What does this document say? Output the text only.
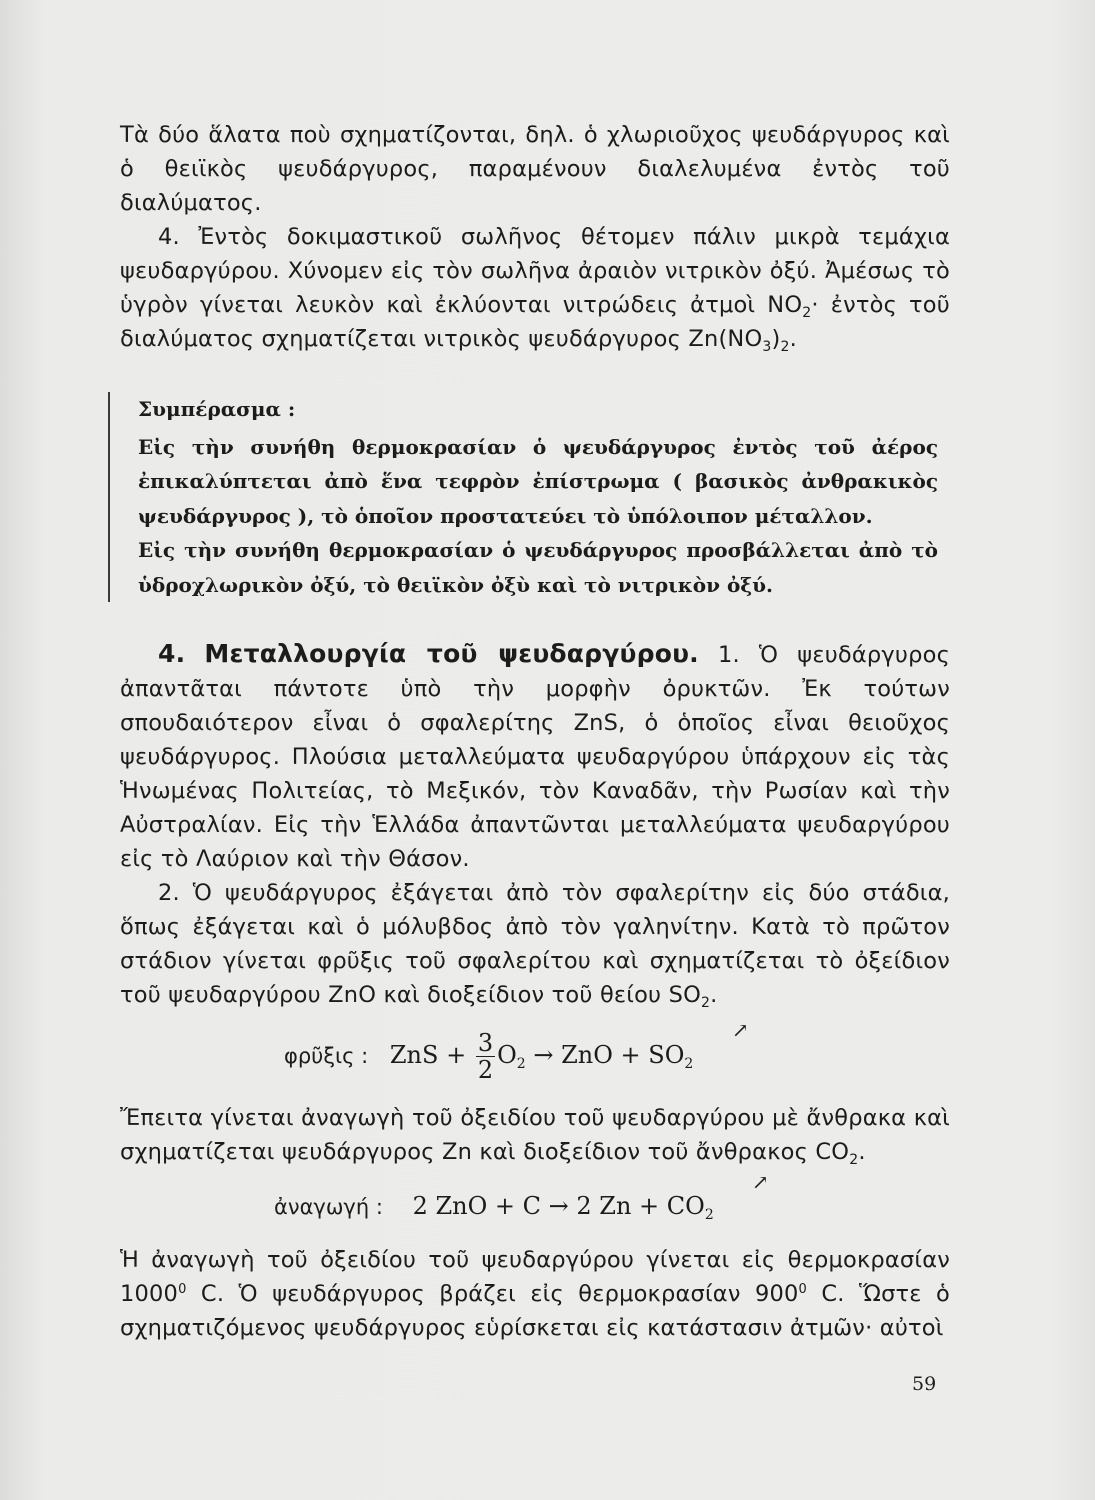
Τὰ δύο ἅλατα ποὺ σχηματίζονται, δηλ. ὁ χλωριοῦχος ψευδάργυρος καὶ ὁ θειϊκὸς ψευδάργυρος, παραμένουν διαλελυμένα ἐντὸς τοῦ διαλύματος.

4. Ἐντὸς δοκιμαστικοῦ σωλῆνος θέτομεν πάλιν μικρὰ τεμάχια ψευδαργύρου. Χύνομεν εἰς τὸν σωλῆνα ἀραιὸν νιτρικὸν ὀξύ. Ἀμέσως τὸ ὑγρὸν γίνεται λευκὸν καὶ ἐκλύονται νιτρώδεις ἀτμοὶ $NO_2\cdot$ ἐντὸς τοῦ διαλύματος σχηματίζεται νιτρικὸς ψευδάργυρος $Zn(NO_3)_2$.

Συμπέρασμα :

Εἰς τὴν συνήθη θερμοκρασίαν ὁ ψευδάργυρος ἐντὸς τοῦ ἀέρος ἐπικαλύπτεται ἀπὸ ἕνα τεφρὸν ἐπίστρωμα ( βασικὸς ἀνθρακικὸς ψευδάργυρος ), τὸ ὁποῖον προστατεύει τὸ ὑπόλοιπον μέταλλον.

Εἰς τὴν συνήθη θερμοκρασίαν ὁ ψευδάργυρος προσβάλλεται ἀπὸ τὸ ὑδροχλωρικὸν ὀξύ, τὸ θειϊκὸν ὀξὺ καὶ τὸ νιτρικὸν ὀξύ.

4. Μεταλλουργία τοῦ ψευδαργύρου. 1. Ὁ ψευδάργυρος ἀπαντᾶται πάντοτε ὑπὸ τὴν μορφὴν ὀρυκτῶν. Ἐκ τούτων σπουδαιότερον εἶναι ὁ σφαλερίτης ZnS, ὁ ὁποῖος εἶναι θειοῦχος ψευδάργυρος. Πλούσια μεταλλεύματα ψευδαργύρου ὑπάρχουν εἰς τὰς Ἡνωμένας Πολιτείας, τὸ Μεξικόν, τὸν Καναδᾶν, τὴν Ρωσίαν καὶ τὴν Αὐστραλίαν. Εἰς τὴν Ἑλλάδα ἀπαντῶνται μεταλλεύματα ψευδαργύρου εἰς τὸ Λαύριον καὶ τὴν Θάσον.

2. Ὁ ψευδάργυρος ἐξάγεται ἀπὸ τὸν σφαλερίτην εἰς δύο στάδια, ὅπως ἐξάγεται καὶ ὁ μόλυβδος ἀπὸ τὸν γαληνίτην. Κατὰ τὸ πρῶτον στάδιον γίνεται φρῦξις τοῦ σφαλερίτου καὶ σχηματίζεται τὸ ὀξείδιον τοῦ ψευδαργύρου ZnO καὶ διοξείδιον τοῦ θείου $SO_2$.

φρῦξις : ZnS + $\frac{3}{2} O_2$ → ZnO + $SO_2$
↗

Ἔπειτα γίνεται ἀναγωγὴ τοῦ ὀξειδίου τοῦ ψευδαργύρου μὲ ἄνθρακα καὶ σχηματίζεται ψευδάργυρος Zn καὶ διοξείδιον τοῦ ἄνθρακος $CO_2$.

ἀναγωγή : 2 ZnO + C → 2 $Zn + CO_2$
↗

Ἡ ἀναγωγὴ τοῦ ὀξειδίου τοῦ ψευδαργύρου γίνεται εἰς θερμοκρασίαν 1000$^0$ C. Ὁ ψευδάργυρος βράζει εἰς θερμοκρασίαν $900^0$ C. Ὥστε ὁ σχηματιζόμενος ψευδάργυρος εὑρίσκεται εἰς κατάστασιν ἀτμῶν· αὐτοὶ

59
